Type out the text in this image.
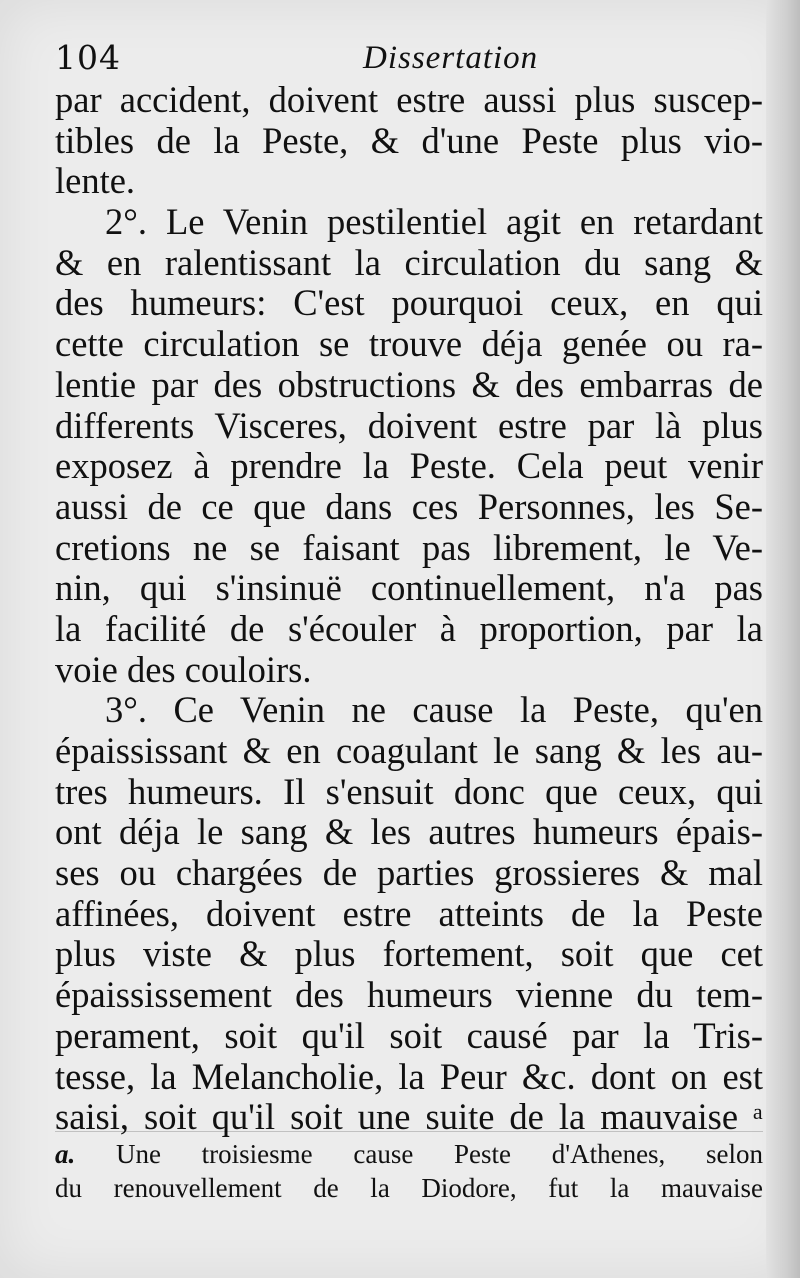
104	Dissertation
par accident, doivent estre aussi plus suscep-
tibles de la Peste, & d'une Peste plus vio-
lente.
2°. Le Venin pestilentiel agit en retardant
& en ralentissant la circulation du sang &
des humeurs: C'est pourquoi ceux, en qui
cette circulation se trouve déja genée ou ra-
lentie par des obstructions & des embarras de
differents Visceres, doivent estre par là plus
exposez à prendre la Peste. Cela peut venir
aussi de ce que dans ces Personnes, les Se-
cretions ne se faisant pas librement, le Ve-
nin, qui s'insinuë continuellement, n'a pas
la facilité de s'écouler à proportion, par la
voie des couloirs.
3°. Ce Venin ne cause la Peste, qu'en
épaississant & en coagulant le sang & les au-
tres humeurs. Il s'ensuit donc que ceux, qui
ont déja le sang & les autres humeurs épais-
ses ou chargées de parties grossieres & mal
affinées, doivent estre atteints de la Peste
plus viste & plus fortement, soit que cet
épaississement des humeurs vienne du tem-
perament, soit qu'il soit causé par la Tris-
tesse, la Melancholie, la Peur &c. dont on est
saisi, soit qu'il soit une suite de la mauvaise ᵃ
a. Une troisiesme cause Peste d'Athenes, selon
du renouvellement de la Diodore, fut la mauvaise
